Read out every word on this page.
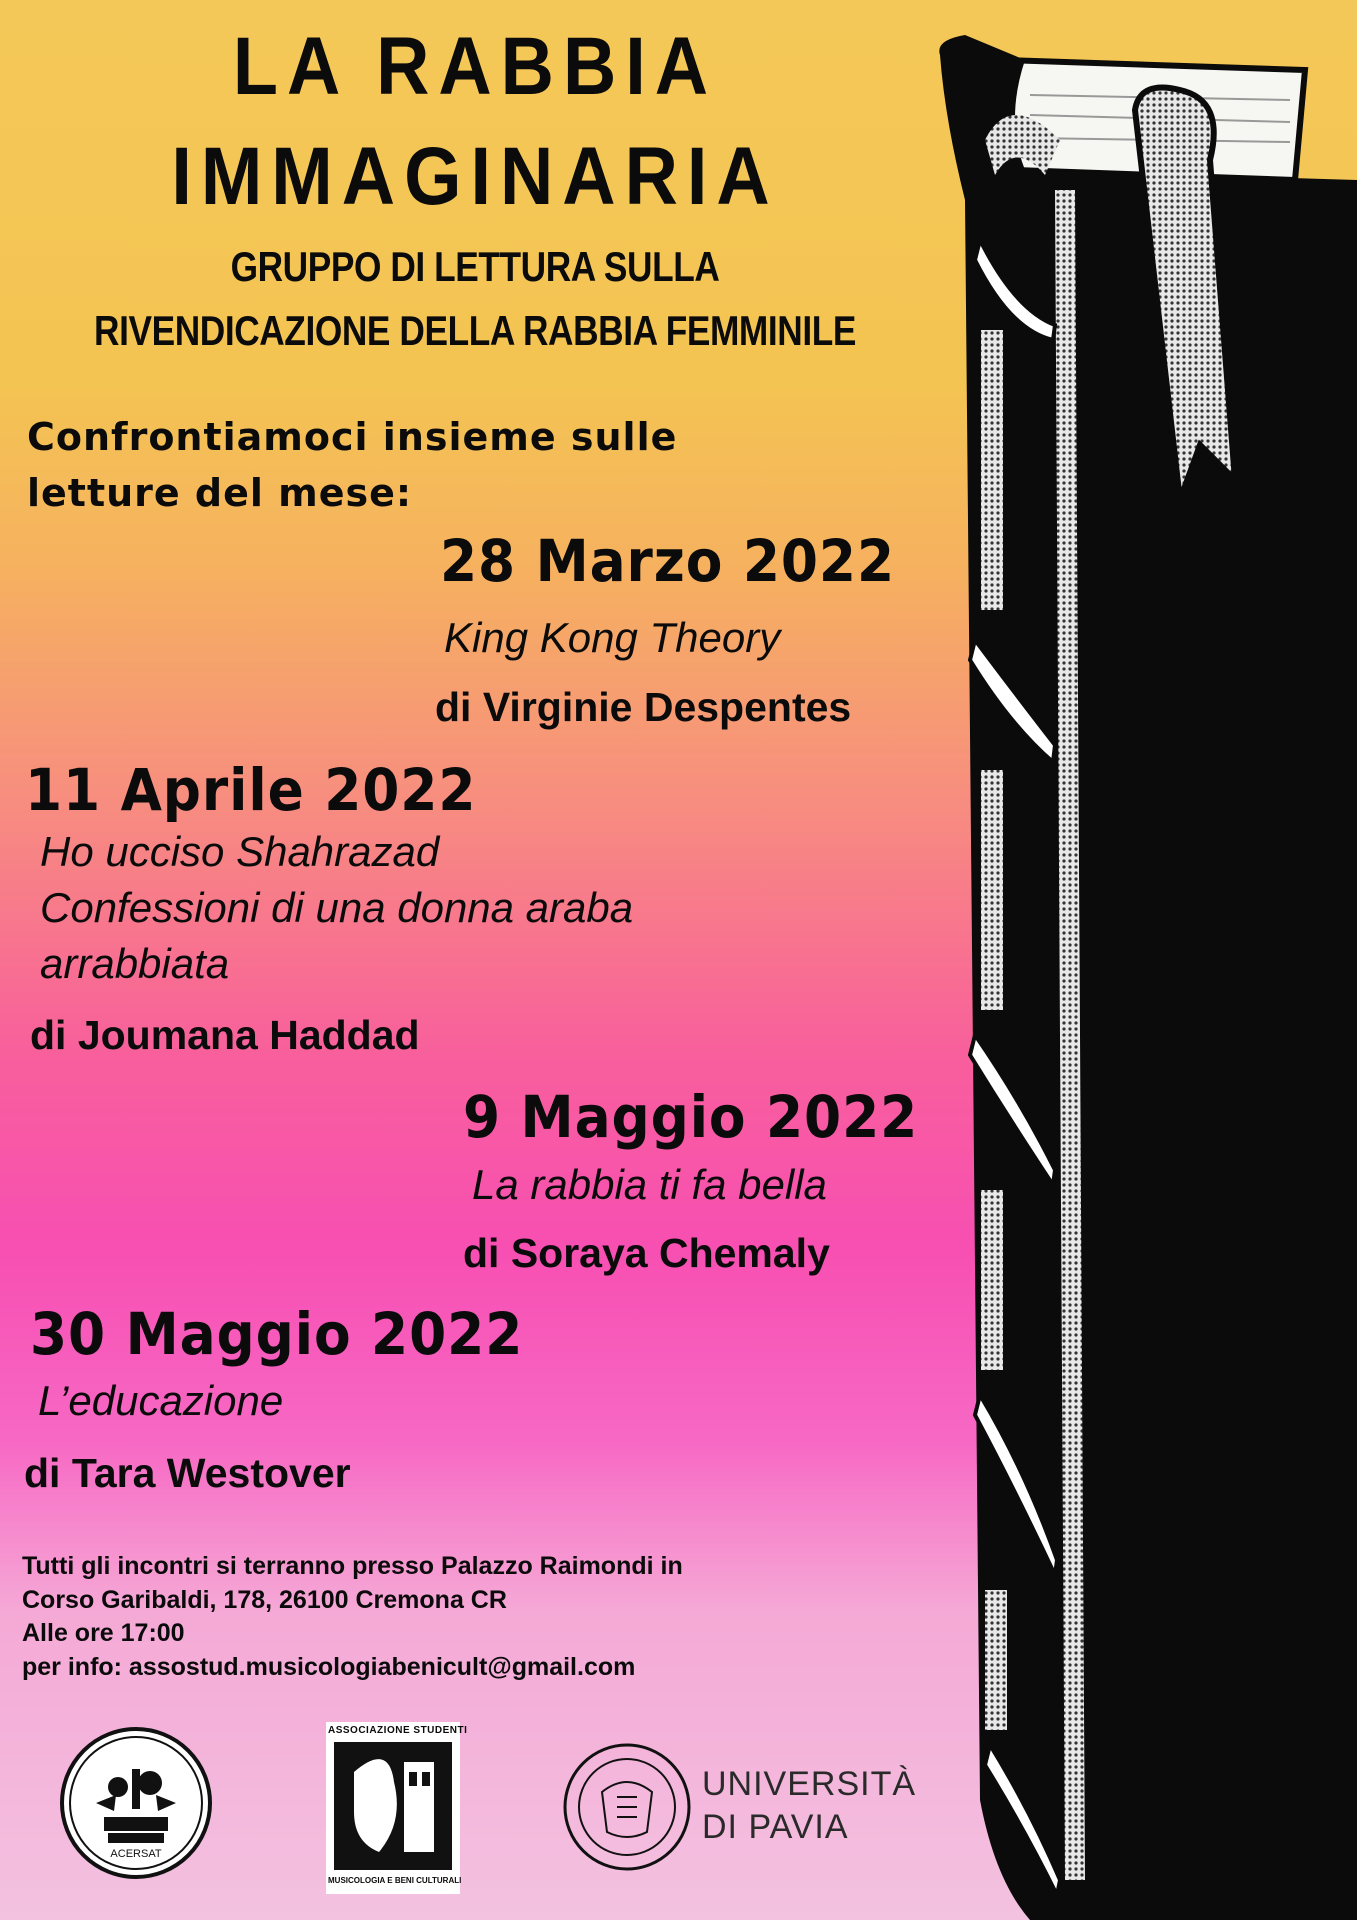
LA RABBIA
IMMAGINARIA
GRUPPO DI LETTURA SULLA
RIVENDICAZIONE DELLA RABBIA FEMMINILE
Confrontiamoci insieme sulle
letture del mese:
28 Marzo 2022
King Kong Theory
di Virginie Despentes
11 Aprile 2022
Ho ucciso Shahrazad
Confessioni di una donna araba
arrabbiata
di Joumana Haddad
9 Maggio 2022
La rabbia ti fa bella
di Soraya Chemaly
30 Maggio 2022
L’educazione
di Tara Westover
Tutti gli incontri si terranno presso Palazzo Raimondi in
Corso Garibaldi, 178, 26100 Cremona CR
Alle ore 17:00
per info: assostud.musicologiabenicult@gmail.com
ACERSAT
ASSOCIAZIONE STUDENTI
MUSICOLOGIA E BENI CULTURALI
UNIVERSITÀ
DI PAVIA
